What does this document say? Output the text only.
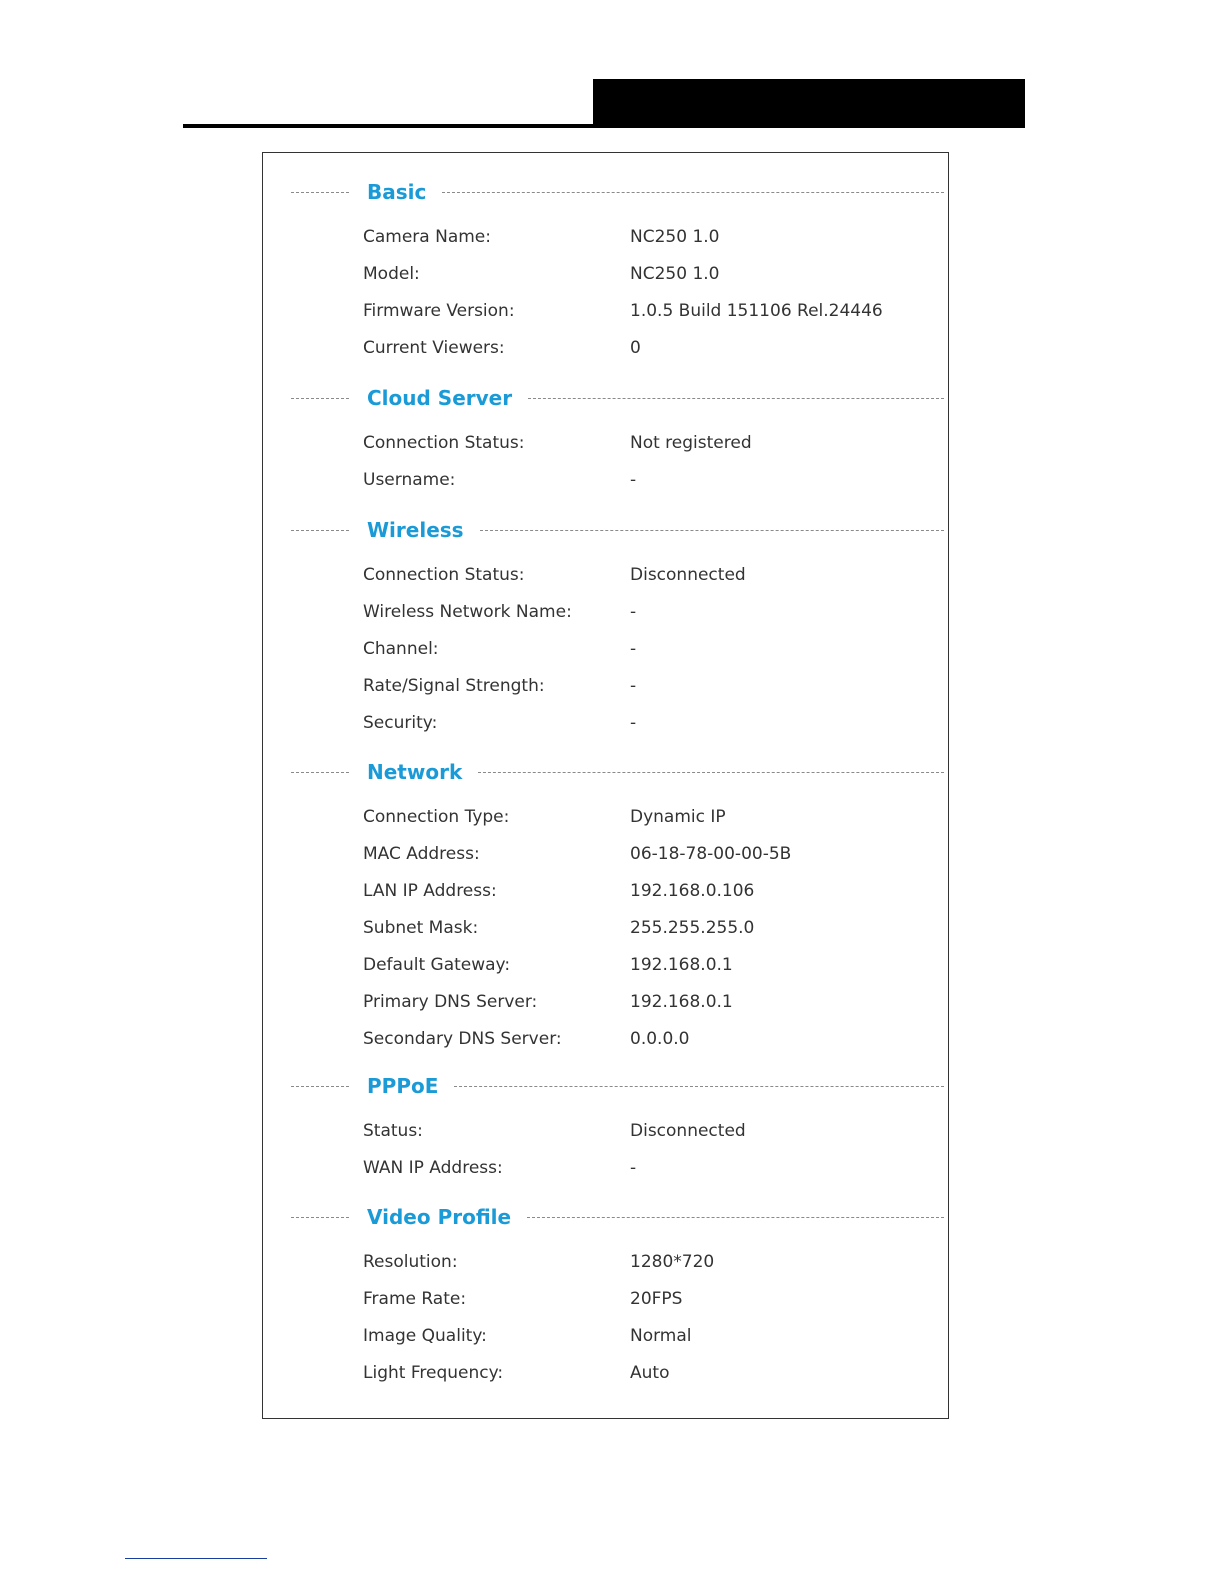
Basic
Camera Name:	NC250 1.0
Model:	NC250 1.0
Firmware Version:	1.0.5 Build 151106 Rel.24446
Current Viewers:	0
Cloud Server
Connection Status:	Not registered
Username:	-
Wireless
Connection Status:	Disconnected
Wireless Network Name:	-
Channel:	-
Rate/Signal Strength:	-
Security:	-
Network
Connection Type:	Dynamic IP
MAC Address:	06-18-78-00-00-5B
LAN IP Address:	192.168.0.106
Subnet Mask:	255.255.255.0
Default Gateway:	192.168.0.1
Primary DNS Server:	192.168.0.1
Secondary DNS Server:	0.0.0.0
PPPoE
Status:	Disconnected
WAN IP Address:	-
Video Profile
Resolution:	1280*720
Frame Rate:	20FPS
Image Quality:	Normal
Light Frequency:	Auto
